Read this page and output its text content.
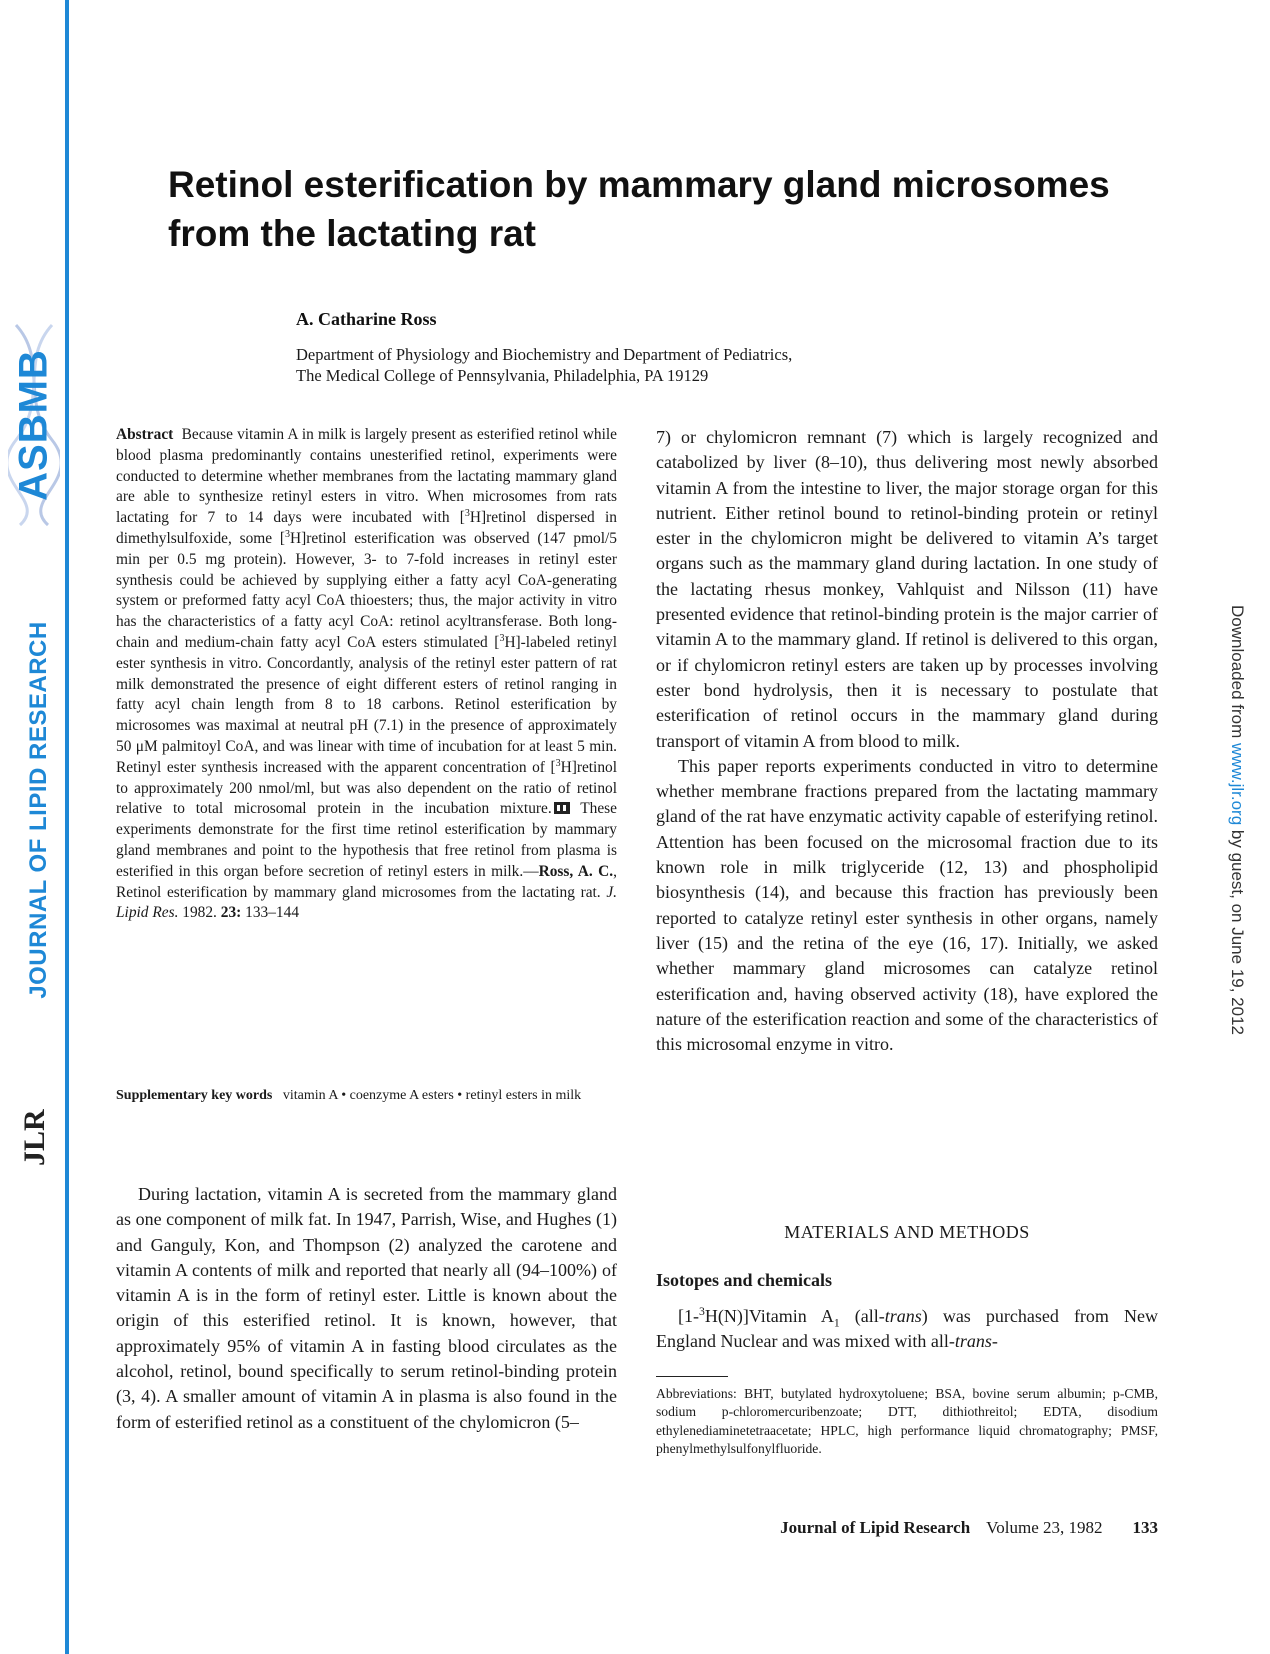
ASBMB
JOURNAL OF LIPID RESEARCH
JLR
Downloaded from www.jlr.org by guest, on June 19, 2012
Retinol esterification by mammary gland microsomes from the lactating rat
A. Catharine Ross
Department of Physiology and Biochemistry and Department of Pediatrics,
The Medical College of Pennsylvania, Philadelphia, PA 19129

Abstract Because vitamin A in milk is largely present as esterified retinol while blood plasma predominantly contains unesterified retinol, experiments were conducted to determine whether membranes from the lactating mammary gland are able to synthesize retinyl esters in vitro. When microsomes from rats lactating for 7 to 14 days were incubated with [$^3$H]retinol dispersed in dimethylsulfoxide, some [$^3$H]retinol esterification was observed (147 pmol/5 min per 0.5 mg protein). However, 3- to 7-fold increases in retinyl ester synthesis could be achieved by supplying either a fatty acyl CoA-generating system or preformed fatty acyl CoA thioesters; thus, the major activity in vitro has the characteristics of a fatty acyl CoA: retinol acyltransferase. Both long-chain and medium-chain fatty acyl CoA esters stimulated [$^3$H]-labeled retinyl ester synthesis in vitro. Concordantly, analysis of the retinyl ester pattern of rat milk demonstrated the presence of eight different esters of retinol ranging in fatty acyl chain length from 8 to 18 carbons. Retinol esterification by microsomes was maximal at neutral pH (7.1) in the presence of approximately 50 μM palmitoyl CoA, and was linear with time of incubation for at least 5 min. Retinyl ester synthesis increased with the apparent concentration of [$^3$H]retinol to approximately 200 nmol/ml, but was also dependent on the ratio of retinol relative to total microsomal protein in the incubation mixture. These experiments demonstrate for the first time retinol esterification by mammary gland membranes and point to the hypothesis that free retinol from plasma is esterified in this organ before secretion of retinyl esters in milk.—Ross, A. C., Retinol esterification by mammary gland microsomes from the lactating rat. J. Lipid Res. 1982. 23: 133–144

Supplementary key words vitamin A • coenzyme A esters • retinyl esters in milk

During lactation, vitamin A is secreted from the mammary gland as one component of milk fat. In 1947, Parrish, Wise, and Hughes (1) and Ganguly, Kon, and Thompson (2) analyzed the carotene and vitamin A contents of milk and reported that nearly all (94–100%) of vitamin A is in the form of retinyl ester. Little is known about the origin of this esterified retinol. It is known, however, that approximately 95% of vitamin A in fasting blood circulates as the alcohol, retinol, bound specifically to serum retinol-binding protein (3, 4). A smaller amount of vitamin A in plasma is also found in the form of esterified retinol as a constituent of the chylomicron (5–

7) or chylomicron remnant (7) which is largely recognized and catabolized by liver (8–10), thus delivering most newly absorbed vitamin A from the intestine to liver, the major storage organ for this nutrient. Either retinol bound to retinol-binding protein or retinyl ester in the chylomicron might be delivered to vitamin A’s target organs such as the mammary gland during lactation. In one study of the lactating rhesus monkey, Vahlquist and Nilsson (11) have presented evidence that retinol-binding protein is the major carrier of vitamin A to the mammary gland. If retinol is delivered to this organ, or if chylomicron retinyl esters are taken up by processes involving ester bond hydrolysis, then it is necessary to postulate that esterification of retinol occurs in the mammary gland during transport of vitamin A from blood to milk.

This paper reports experiments conducted in vitro to determine whether membrane fractions prepared from the lactating mammary gland of the rat have enzymatic activity capable of esterifying retinol. Attention has been focused on the microsomal fraction due to its known role in milk triglyceride (12, 13) and phospholipid biosynthesis (14), and because this fraction has previously been reported to catalyze retinyl ester synthesis in other organs, namely liver (15) and the retina of the eye (16, 17). Initially, we asked whether mammary gland microsomes can catalyze retinol esterification and, having observed activity (18), have explored the nature of the esterification reaction and some of the characteristics of this microsomal enzyme in vitro.

MATERIALS AND METHODS
Isotopes and chemicals

[1-$^3$H(N)]Vitamin $A_1$ (all-trans) was purchased from New England Nuclear and was mixed with all-trans-

Abbreviations: BHT, butylated hydroxytoluene; BSA, bovine serum albumin; p-CMB, sodium p-chloromercuribenzoate; DTT, dithiothreitol; EDTA, disodium ethylenediaminetetraacetate; HPLC, high performance liquid chromatography; PMSF, phenylmethylsulfonylfluoride.

Journal of Lipid Research Volume 23, 1982 133
